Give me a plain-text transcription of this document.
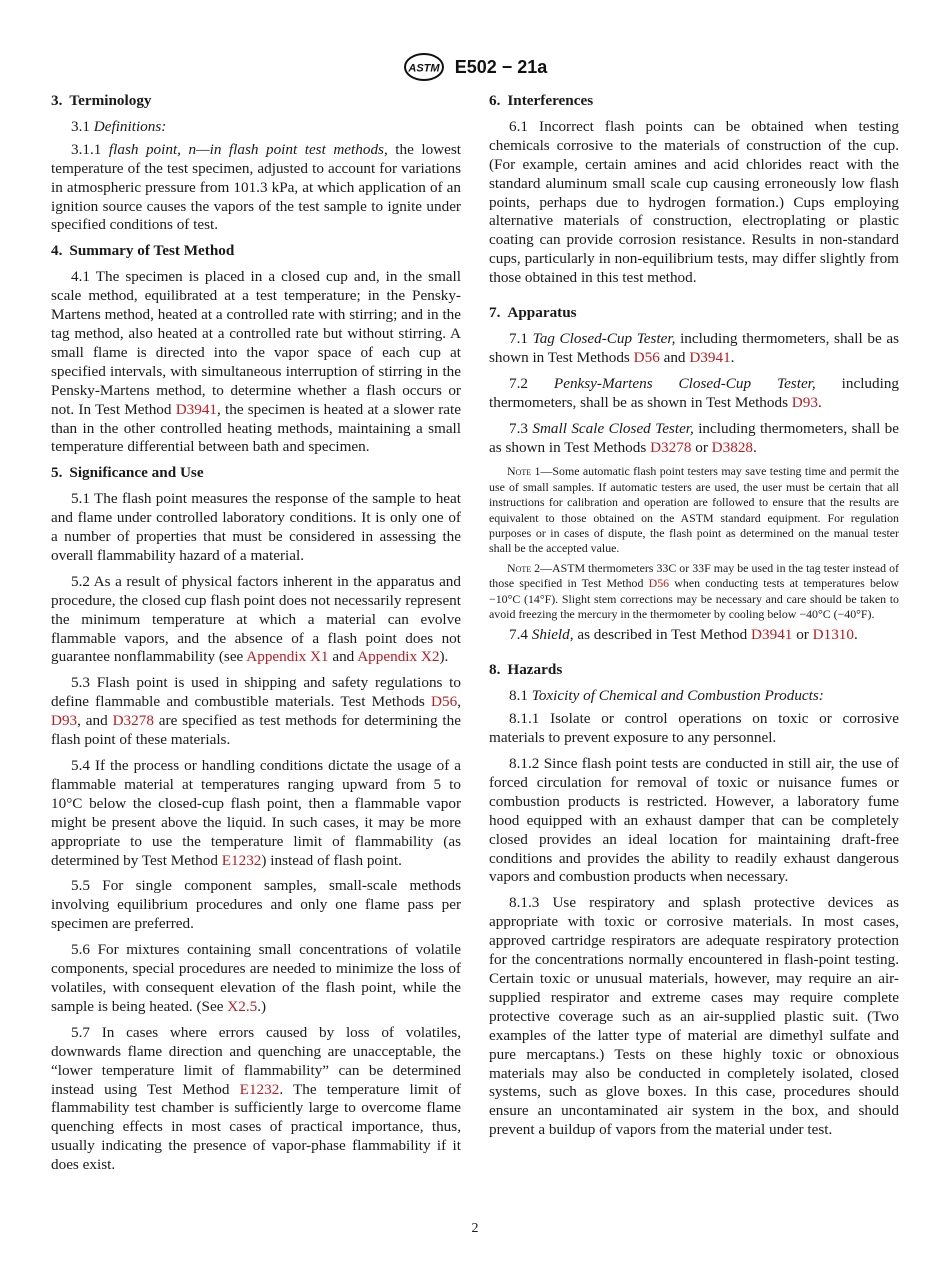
ASTM E502 − 21a
3. Terminology
3.1 Definitions:
3.1.1 flash point, n—in flash point test methods, the lowest temperature of the test specimen, adjusted to account for variations in atmospheric pressure from 101.3 kPa, at which application of an ignition source causes the vapors of the test sample to ignite under specified conditions of test.
4. Summary of Test Method
4.1 The specimen is placed in a closed cup and, in the small scale method, equilibrated at a test temperature; in the Pensky-Martens method, heated at a controlled rate with stirring; and in the tag method, also heated at a controlled rate but without stirring. A small flame is directed into the vapor space of each cup at specified intervals, with simultaneous interruption of stirring in the Pensky-Martens method, to determine whether a flash occurs or not. In Test Method D3941, the specimen is heated at a slower rate than in the other controlled heating methods, maintaining a small temperature differential between bath and specimen.
5. Significance and Use
5.1 The flash point measures the response of the sample to heat and flame under controlled laboratory conditions. It is only one of a number of properties that must be considered in assessing the overall flammability hazard of a material.
5.2 As a result of physical factors inherent in the apparatus and procedure, the closed cup flash point does not necessarily represent the minimum temperature at which a material can evolve flammable vapors, and the absence of a flash point does not guarantee nonflammability (see Appendix X1 and Appendix X2).
5.3 Flash point is used in shipping and safety regulations to define flammable and combustible materials. Test Methods D56, D93, and D3278 are specified as test methods for determining the flash point of these materials.
5.4 If the process or handling conditions dictate the usage of a flammable material at temperatures ranging upward from 5 to 10°C below the closed-cup flash point, then a flammable vapor might be present above the liquid. In such cases, it may be more appropriate to use the temperature limit of flammability (as determined by Test Method E1232) instead of flash point.
5.5 For single component samples, small-scale methods involving equilibrium procedures and only one flame pass per specimen are preferred.
5.6 For mixtures containing small concentrations of volatile components, special procedures are needed to minimize the loss of volatiles, with consequent elevation of the flash point, while the sample is being heated. (See X2.5.)
5.7 In cases where errors caused by loss of volatiles, downwards flame direction and quenching are unacceptable, the “lower temperature limit of flammability” can be determined instead using Test Method E1232. The temperature limit of flammability test chamber is sufficiently large to overcome flame quenching effects in most cases of practical importance, thus, usually indicating the presence of vapor-phase flammability if it does exist.
6. Interferences
6.1 Incorrect flash points can be obtained when testing chemicals corrosive to the materials of construction of the cup. (For example, certain amines and acid chlorides react with the standard aluminum small scale cup causing erroneously low flash points, perhaps due to hydrogen formation.) Cups employing alternative materials of construction, electroplating or plastic coating can provide corrosion resistance. Results in non-standard cups, particularly in non-equilibrium tests, may differ slightly from those obtained in this test method.
7. Apparatus
7.1 Tag Closed-Cup Tester, including thermometers, shall be as shown in Test Methods D56 and D3941.
7.2 Penksy-Martens Closed-Cup Tester, including thermometers, shall be as shown in Test Methods D93.
7.3 Small Scale Closed Tester, including thermometers, shall be as shown in Test Methods D3278 or D3828.
Note 1—Some automatic flash point testers may save testing time and permit the use of small samples. If automatic testers are used, the user must be certain that all instructions for calibration and operation are followed to ensure that the results are equivalent to those obtained on the ASTM standard equipment. For regulation purposes or in cases of dispute, the flash point as determined on the manual tester shall be the accepted value.
Note 2—ASTM thermometers 33C or 33F may be used in the tag tester instead of those specified in Test Method D56 when conducting tests at temperatures below −10°C (14°F). Slight stem corrections may be necessary and care should be taken to avoid freezing the mercury in the thermometer by cooling below −40°C (−40°F).
7.4 Shield, as described in Test Method D3941 or D1310.
8. Hazards
8.1 Toxicity of Chemical and Combustion Products:
8.1.1 Isolate or control operations on toxic or corrosive materials to prevent exposure to any personnel.
8.1.2 Since flash point tests are conducted in still air, the use of forced circulation for removal of toxic or nuisance fumes or combustion products is restricted. However, a laboratory fume hood equipped with an exhaust damper that can be completely closed provides an ideal location for maintaining draft-free conditions and provides the ability to readily exhaust dangerous vapors and combustion products when necessary.
8.1.3 Use respiratory and splash protective devices as appropriate with toxic or corrosive materials. In most cases, approved cartridge respirators are adequate respiratory protection for the concentrations normally encountered in flash-point testing. Certain toxic or unusual materials, however, may require an air-supplied respirator and extreme cases may require complete protective coverage such as an air-supplied plastic suit. (Two examples of the latter type of material are dimethyl sulfate and pure mercaptans.) Tests on these highly toxic or obnoxious materials may also be conducted in completely isolated, closed systems, such as glove boxes. In this case, procedures should ensure an uncontaminated air system in the box, and should prevent a buildup of vapors from the material under test.
2
